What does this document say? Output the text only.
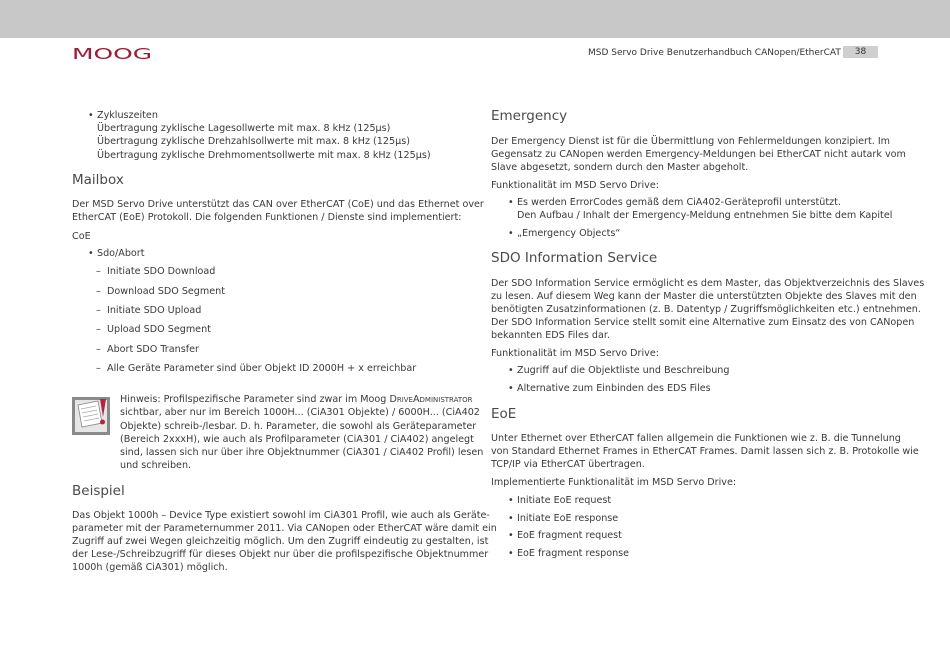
MOOG	MSD Servo Drive Benutzerhandbuch CANopen/EtherCAT	38
• Zykluszeiten
Übertragung zyklische Lagesollwerte mit max. 8 kHz (125µs)
Übertragung zyklische Drehzahlsollwerte mit max. 8 kHz (125µs)
Übertragung zyklische Drehmomentsollwerte mit max. 8 kHz (125µs)
Mailbox
Der MSD Servo Drive unterstützt das CAN over EtherCAT (CoE) und das Ethernet over
EtherCAT (EoE) Protokoll. Die folgenden Funktionen / Dienste sind implementiert:
CoE
• Sdo/Abort
– Initiate SDO Download
– Download SDO Segment
– Initiate SDO Upload
– Upload SDO Segment
– Abort SDO Transfer
– Alle Geräte Parameter sind über Objekt ID 2000H + x erreichbar
Hinweis: Profilspezifische Parameter sind zwar im Moog DriveAdministrator
sichtbar, aber nur im Bereich 1000H... (CiA301 Objekte) / 6000H... (CiA402
Objekte) schreib-/lesbar. D. h. Parameter, die sowohl als Geräteparameter
(Bereich 2xxxH), wie auch als Profilparameter (CiA301 / CiA402) angelegt
sind, lassen sich nur über ihre Objektnummer (CiA301 / CiA402 Profil) lesen
und schreiben.
Beispiel
Das Objekt 1000h – Device Type existiert sowohl im CiA301 Profil, wie auch als Geräte-
parameter mit der Parameternummer 2011. Via CANopen oder EtherCAT wäre damit ein
Zugriff auf zwei Wegen gleichzeitig möglich. Um den Zugriff eindeutig zu gestalten, ist
der Lese-/Schreibzugriff für dieses Objekt nur über die profilspezifische Objektnummer
1000h (gemäß CiA301) möglich.
Emergency
Der Emergency Dienst ist für die Übermittlung von Fehlermeldungen konzipiert. Im
Gegensatz zu CANopen werden Emergency-Meldungen bei EtherCAT nicht autark vom
Slave abgesetzt, sondern durch den Master abgeholt.
Funktionalität im MSD Servo Drive:
• Es werden ErrorCodes gemäß dem CiA402-Geräteprofil unterstützt.
Den Aufbau / Inhalt der Emergency-Meldung entnehmen Sie bitte dem Kapitel
• „Emergency Objects“
SDO Information Service
Der SDO Information Service ermöglicht es dem Master, das Objektverzeichnis des Slaves
zu lesen. Auf diesem Weg kann der Master die unterstützten Objekte des Slaves mit den
benötigten Zusatzinformationen (z. B. Datentyp / Zugriffsmöglichkeiten etc.) entnehmen.
Der SDO Information Service stellt somit eine Alternative zum Einsatz des von CANopen
bekannten EDS Files dar.
Funktionalität im MSD Servo Drive:
• Zugriff auf die Objektliste und Beschreibung
• Alternative zum Einbinden des EDS Files
EoE
Unter Ethernet over EtherCAT fallen allgemein die Funktionen wie z. B. die Tunnelung
von Standard Ethernet Frames in EtherCAT Frames. Damit lassen sich z. B. Protokolle wie
TCP/IP via EtherCAT übertragen.
Implementierte Funktionalität im MSD Servo Drive:
• Initiate EoE request
• Initiate EoE response
• EoE fragment request
• EoE fragment response
